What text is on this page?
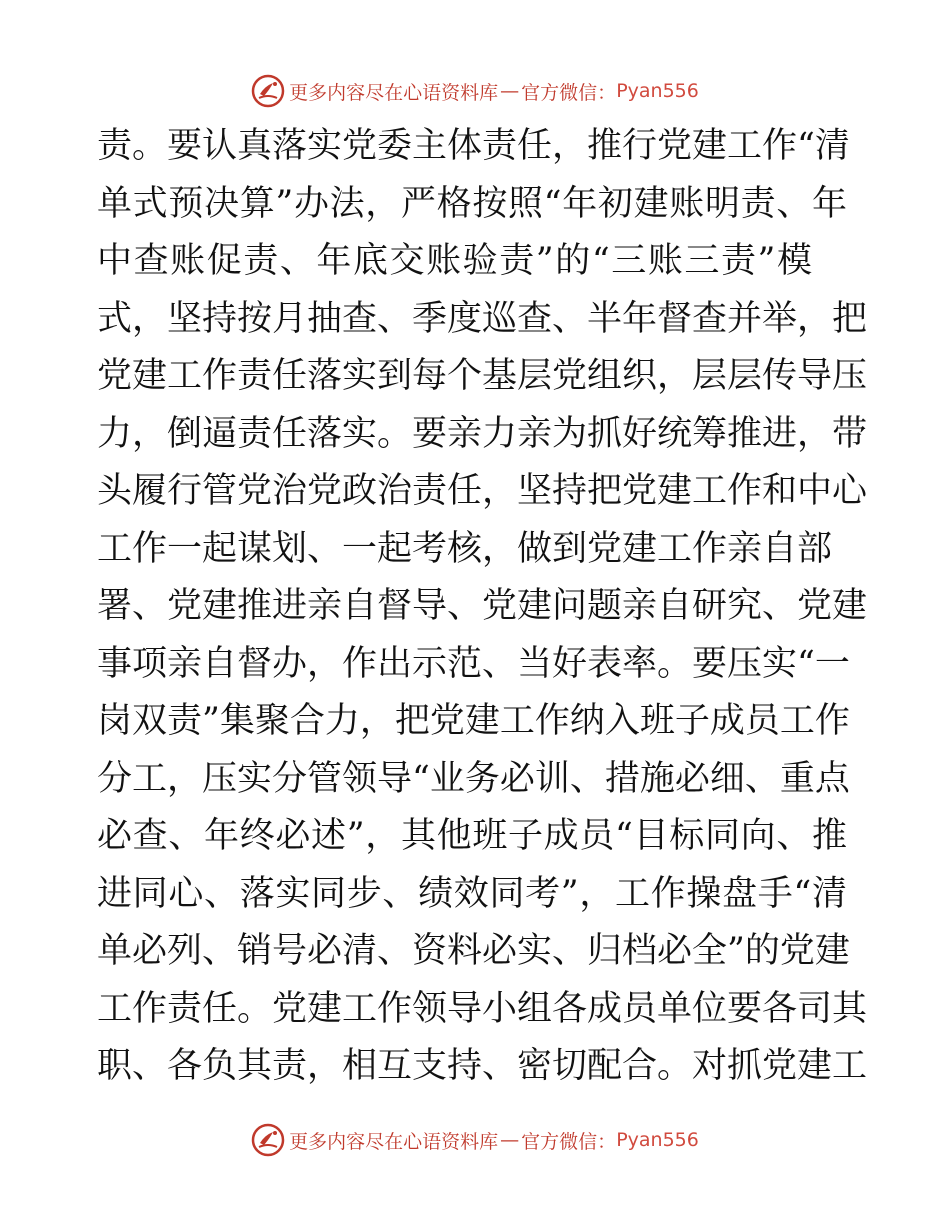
更多内容尽在心语资料库 — 官方微信： Pyan556
责。要认真落实党委主体责任，推行党建工作“清
单式预决算”办法，严格按照“年初建账明责、年
中查账促责、年底交账验责”的“三账三责”模
式，坚持按月抽查、季度巡查、半年督查并举，把
党建工作责任落实到每个基层党组织，层层传导压
力，倒逼责任落实。要亲力亲为抓好统筹推进，带
头履行管党治党政治责任，坚持把党建工作和中心
工作一起谋划、一起考核，做到党建工作亲自部
署、党建推进亲自督导、党建问题亲自研究、党建
事项亲自督办，作出示范、当好表率。要压实“一
岗双责”集聚合力，把党建工作纳入班子成员工作
分工，压实分管领导“业务必训、措施必细、重点
必查、年终必述”，其他班子成员“目标同向、推
进同心、落实同步、绩效同考”，工作操盘手“清
单必列、销号必清、资料必实、归档必全”的党建
工作责任。党建工作领导小组各成员单位要各司其
职、各负其责，相互支持、密切配合。对抓党建工
更多内容尽在心语资料库 — 官方微信： Pyan556
